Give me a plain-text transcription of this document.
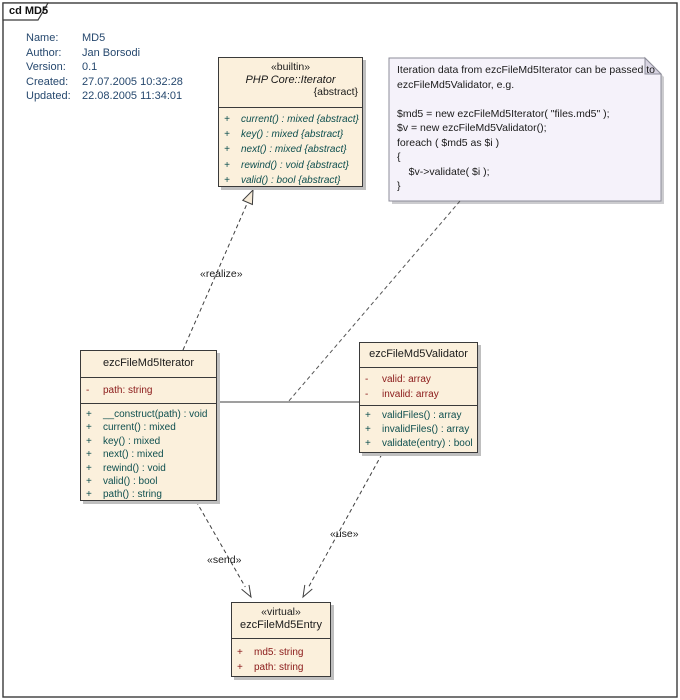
cd MD5
Name:	MD5
Author:	Jan Borsodi
Version:	0.1
Created:	27.07.2005 10:32:28
Updated:	22.08.2005 11:34:01
«builtin»
PHP Core::Iterator
{abstract}
+	current() : mixed {abstract}
+	key() : mixed {abstract}
+	next() : mixed {abstract}
+	rewind() : void {abstract}
+	valid() : bool {abstract}
Iteration data from ezcFileMd5Iterator can be passed to
ezcFileMd5Validator, e.g.
$md5 = new ezcFileMd5Iterator( "files.md5" );
$v = new ezcFileMd5Validator();
foreach ( $md5 as $i )
{
$v->validate( $i );
}
ezcFileMd5Iterator
-	path: string
+	__construct(path) : void
+	current() : mixed
+	key() : mixed
+	next() : mixed
+	rewind() : void
+	valid() : bool
+	path() : string
ezcFileMd5Validator
-	valid: array
-	invalid: array
+	validFiles() : array
+	invalidFiles() : array
+	validate(entry) : bool
«virtual»
ezcFileMd5Entry
+	md5: string
+	path: string
«realize»
«send»
«use»
